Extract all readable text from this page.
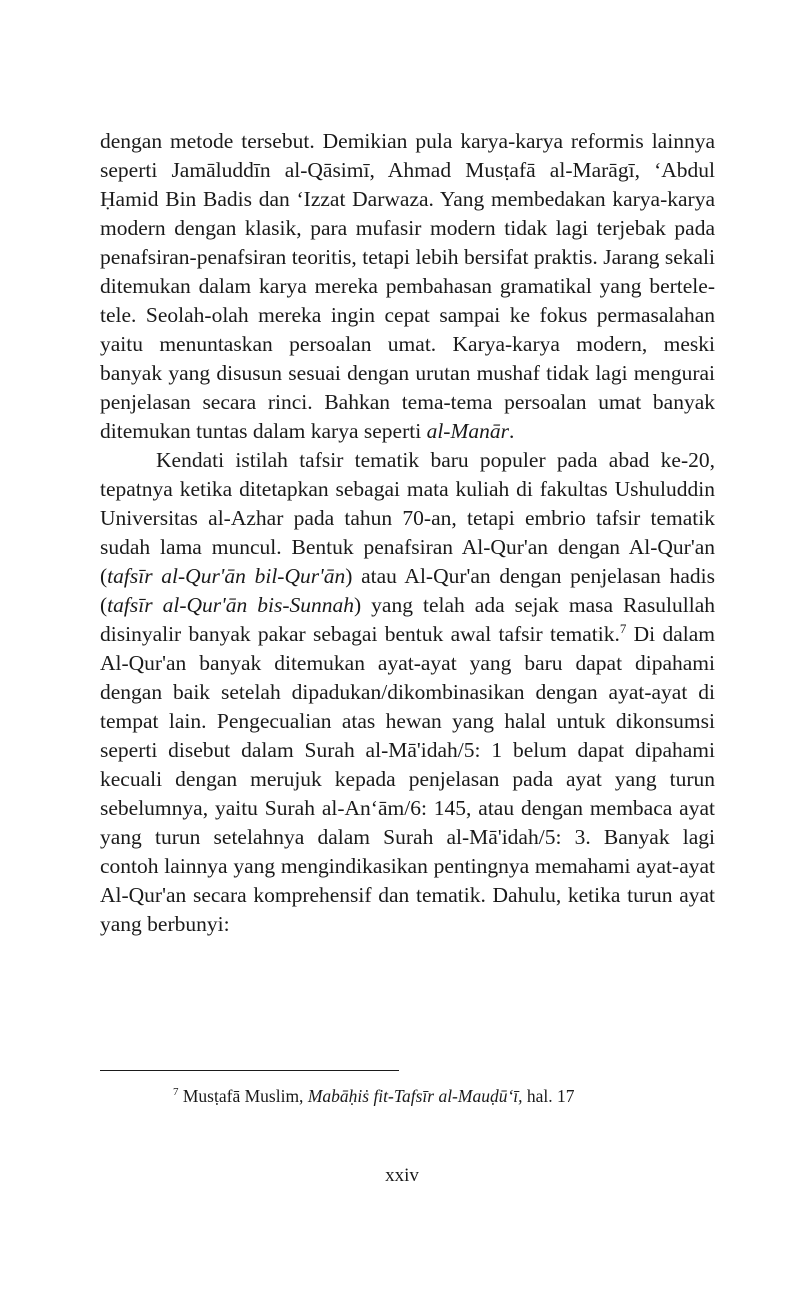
dengan metode tersebut. Demikian pula karya-karya reformis lainnya seperti Jamāluddīn al-Qāsimī, Ahmad Musṭafā al-Marāgī, ‘Abdul Ḥamid Bin Badis dan ‘Izzat Darwaza. Yang membedakan karya-karya modern dengan klasik, para mufasir modern tidak lagi terjebak pada penafsiran-penafsiran teoritis, tetapi lebih bersifat praktis. Jarang sekali ditemukan dalam karya mereka pembahasan gramatikal yang bertele-tele. Seolah-olah mereka ingin cepat sampai ke fokus permasalahan yaitu menuntaskan persoalan umat. Karya-karya modern, meski banyak yang disusun sesuai dengan urutan mushaf tidak lagi mengurai penjelasan secara rinci. Bahkan tema-tema persoalan umat banyak ditemukan tuntas dalam karya seperti al-Manār.

Kendati istilah tafsir tematik baru populer pada abad ke-20, tepatnya ketika ditetapkan sebagai mata kuliah di fakultas Ushuluddin Universitas al-Azhar pada tahun 70-an, tetapi embrio tafsir tematik sudah lama muncul. Bentuk penafsiran Al-Qur'an dengan Al-Qur'an (tafsīr al-Qur'ān bil-Qur'ān) atau Al-Qur'an dengan penjelasan hadis (tafsīr al-Qur'ān bis-Sunnah) yang telah ada sejak masa Rasulullah disinyalir banyak pakar sebagai bentuk awal tafsir tematik.$^7$ Di dalam Al-Qur'an banyak ditemukan ayat-ayat yang baru dapat dipahami dengan baik setelah dipadukan/dikombinasikan dengan ayat-ayat di tempat lain. Pengecualian atas hewan yang halal untuk dikonsumsi seperti disebut dalam Surah al-Mā'idah/5: 1 belum dapat dipahami kecuali dengan merujuk kepada penjelasan pada ayat yang turun sebelumnya, yaitu Surah al-An‘ām/6: 145, atau dengan membaca ayat yang turun setelahnya dalam Surah al-Mā'idah/5: 3. Banyak lagi contoh lainnya yang mengindikasikan pentingnya memahami ayat-ayat Al-Qur'an secara komprehensif dan tematik. Dahulu, ketika turun ayat yang berbunyi:

$^7$ Musṭafā Muslim, Mabāḥiṡ fit-Tafsīr al-Mauḍū‘ī, hal. 17
xxiv
